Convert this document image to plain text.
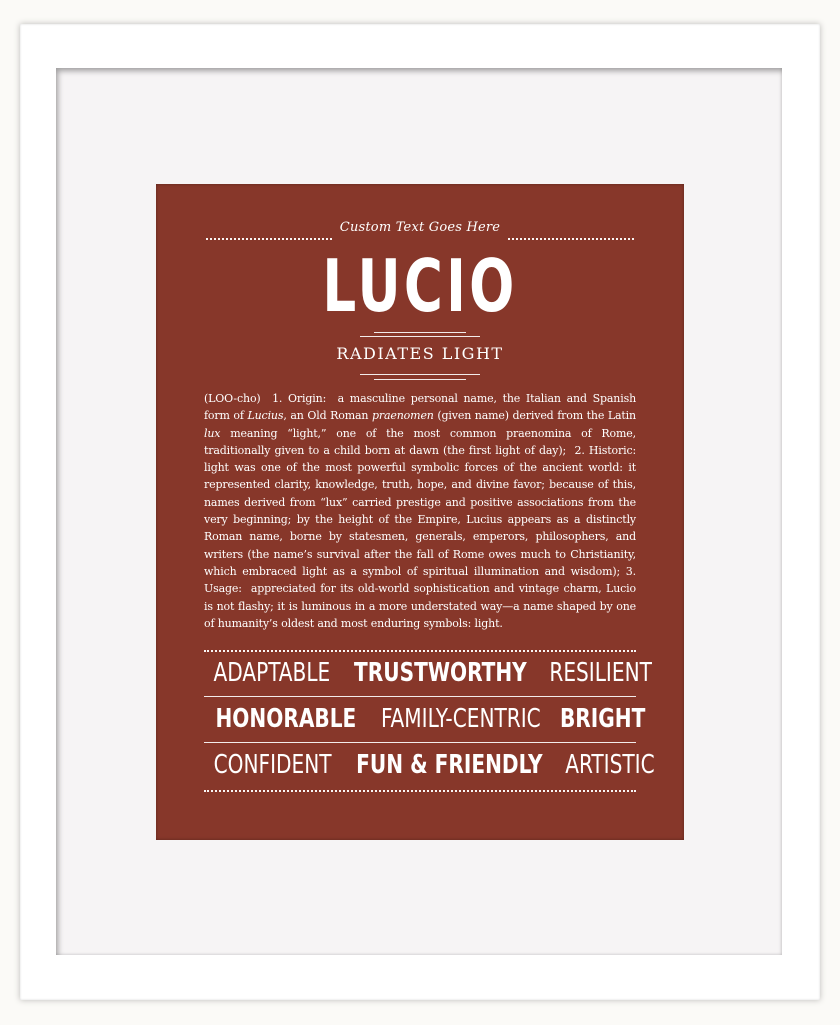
Custom Text Goes Here
LUCIO
RADIATES LIGHT
(LOO-cho) 1. Origin: a masculine personal name, the Italian and Spanish form of Lucius, an Old Roman praenomen (given name) derived from the Latin lux meaning “light,” one of the most common praenomina of Rome, traditionally given to a child born at dawn (the first light of day); 2. Historic: light was one of the most powerful symbolic forces of the ancient world: it represented clarity, knowledge, truth, hope, and divine favor; because of this, names derived from “lux” carried prestige and positive associations from the very beginning; by the height of the Empire, Lucius appears as a distinctly Roman name, borne by statesmen, generals, emperors, philosophers, and writers (the name’s survival after the fall of Rome owes much to Christianity, which embraced light as a symbol of spiritual illumination and wisdom); 3. Usage: appreciated for its old-world sophistication and vintage charm, Lucio is not flashy; it is luminous in a more understated way—a name shaped by one of humanity’s oldest and most enduring symbols: light.
ADAPTABLE TRUSTWORTHY RESILIENT
HONORABLE FAMILY-CENTRIC BRIGHT
CONFIDENT FUN & FRIENDLY ARTISTIC
